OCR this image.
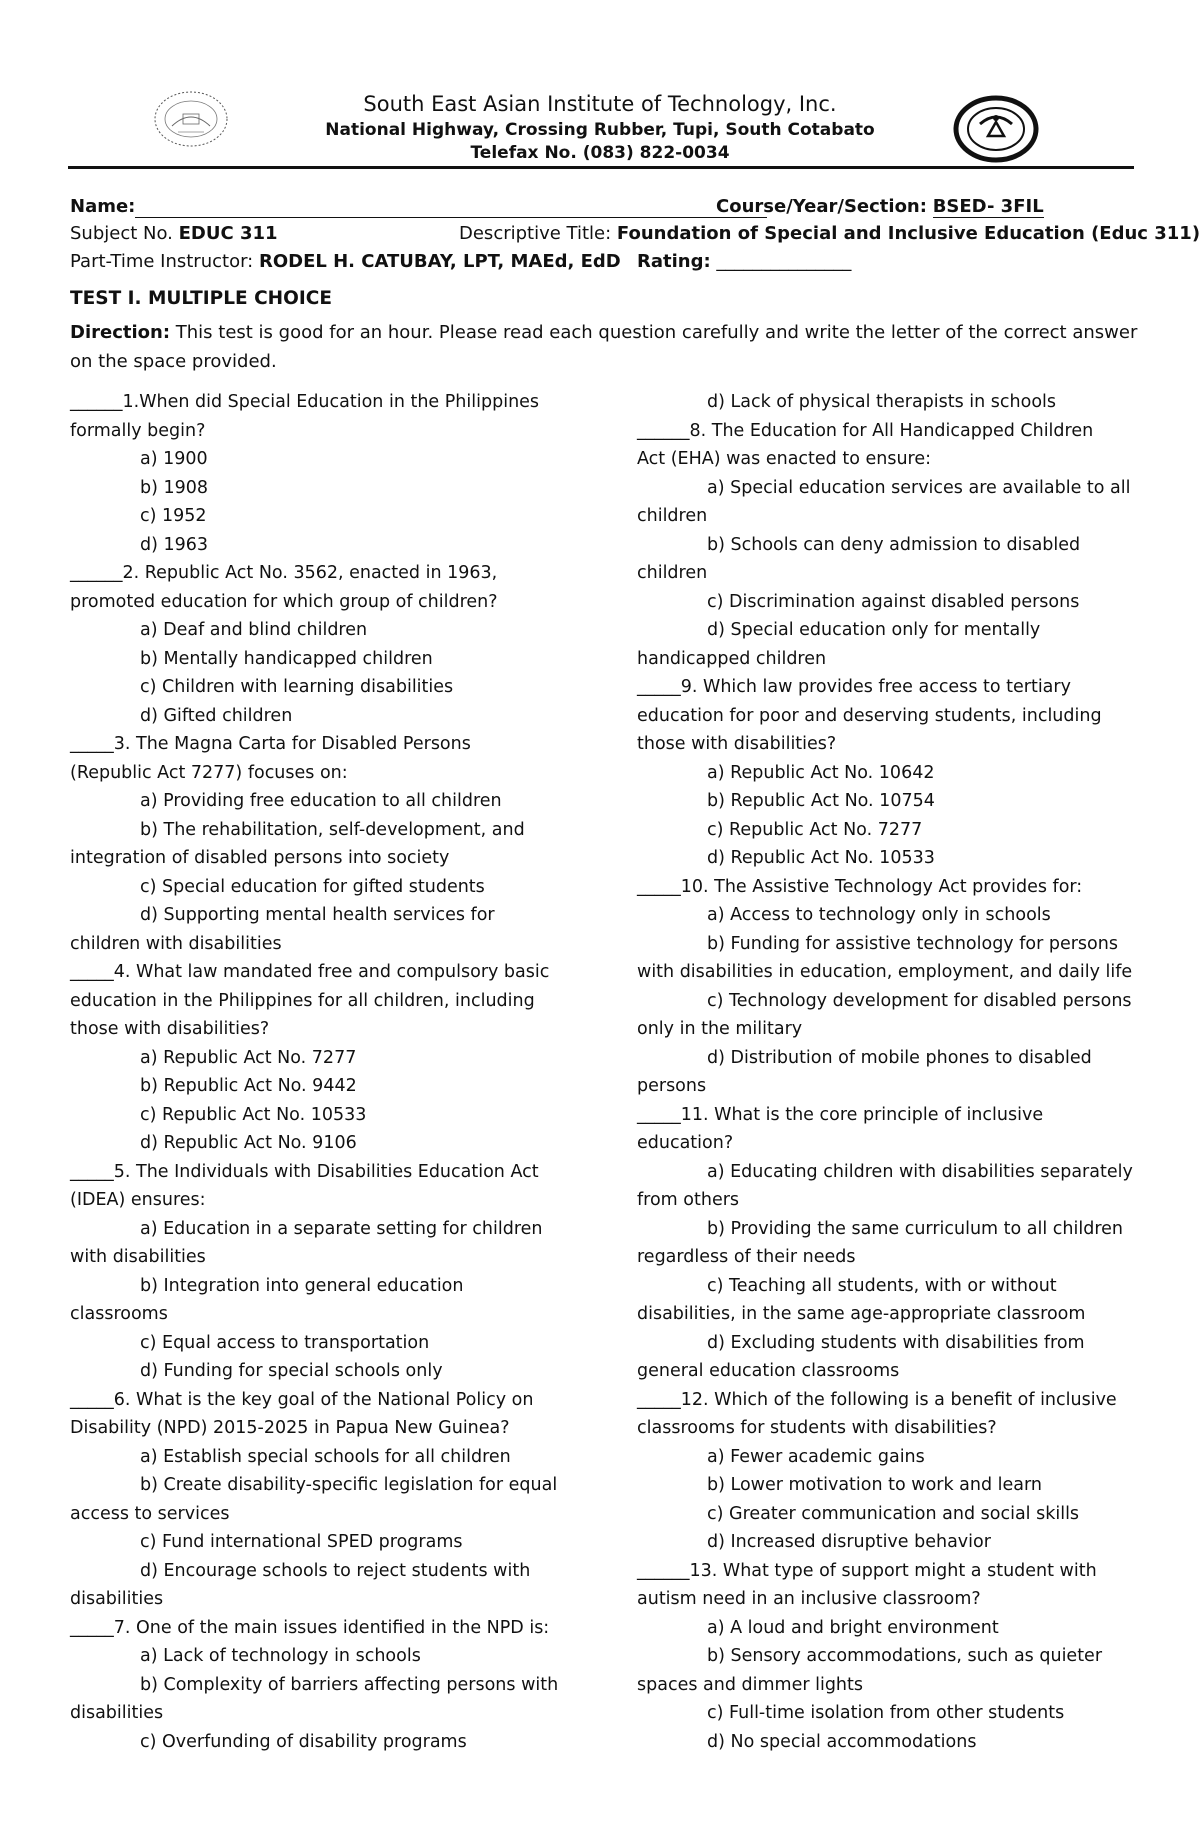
South East Asian Institute of Technology, Inc.
National Highway, Crossing Rubber, Tupi, South Cotabato
Telefax No. (083) 822-0034
Name:	Course/Year/Section: BSED- 3FIL
Subject No. EDUC 311	Descriptive Title: Foundation of Special and Inclusive Education (Educ 311)
Part-Time Instructor: RODEL H. CATUBAY, LPT, MAEd, EdD Rating: _______________
TEST I. MULTIPLE CHOICE
Direction: This test is good for an hour. Please read each question carefully and write the letter of the correct answer on the space provided.
______1.When did Special Education in the Philippines
formally begin?
a) 1900
b) 1908
c) 1952
d) 1963
______2. Republic Act No. 3562, enacted in 1963,
promoted education for which group of children?
a) Deaf and blind children
b) Mentally handicapped children
c) Children with learning disabilities
d) Gifted children
_____3. The Magna Carta for Disabled Persons
(Republic Act 7277) focuses on:
a) Providing free education to all children
b) The rehabilitation, self-development, and
integration of disabled persons into society
c) Special education for gifted students
d) Supporting mental health services for
children with disabilities
_____4. What law mandated free and compulsory basic
education in the Philippines for all children, including
those with disabilities?
a) Republic Act No. 7277
b) Republic Act No. 9442
c) Republic Act No. 10533
d) Republic Act No. 9106
_____5. The Individuals with Disabilities Education Act
(IDEA) ensures:
a) Education in a separate setting for children
with disabilities
b) Integration into general education
classrooms
c) Equal access to transportation
d) Funding for special schools only
_____6. What is the key goal of the National Policy on
Disability (NPD) 2015-2025 in Papua New Guinea?
a) Establish special schools for all children
b) Create disability-specific legislation for equal
access to services
c) Fund international SPED programs
d) Encourage schools to reject students with
disabilities
_____7. One of the main issues identified in the NPD is:
a) Lack of technology in schools
b) Complexity of barriers affecting persons with
disabilities
c) Overfunding of disability programs
d) Lack of physical therapists in schools
______8. The Education for All Handicapped Children
Act (EHA) was enacted to ensure:
a) Special education services are available to all
children
b) Schools can deny admission to disabled
children
c) Discrimination against disabled persons
d) Special education only for mentally
handicapped children
_____9. Which law provides free access to tertiary
education for poor and deserving students, including
those with disabilities?
a) Republic Act No. 10642
b) Republic Act No. 10754
c) Republic Act No. 7277
d) Republic Act No. 10533
_____10. The Assistive Technology Act provides for:
a) Access to technology only in schools
b) Funding for assistive technology for persons
with disabilities in education, employment, and daily life
c) Technology development for disabled persons
only in the military
d) Distribution of mobile phones to disabled
persons
_____11. What is the core principle of inclusive
education?
a) Educating children with disabilities separately
from others
b) Providing the same curriculum to all children
regardless of their needs
c) Teaching all students, with or without
disabilities, in the same age-appropriate classroom
d) Excluding students with disabilities from
general education classrooms
_____12. Which of the following is a benefit of inclusive
classrooms for students with disabilities?
a) Fewer academic gains
b) Lower motivation to work and learn
c) Greater communication and social skills
d) Increased disruptive behavior
______13. What type of support might a student with
autism need in an inclusive classroom?
a) A loud and bright environment
b) Sensory accommodations, such as quieter
spaces and dimmer lights
c) Full-time isolation from other students
d) No special accommodations
